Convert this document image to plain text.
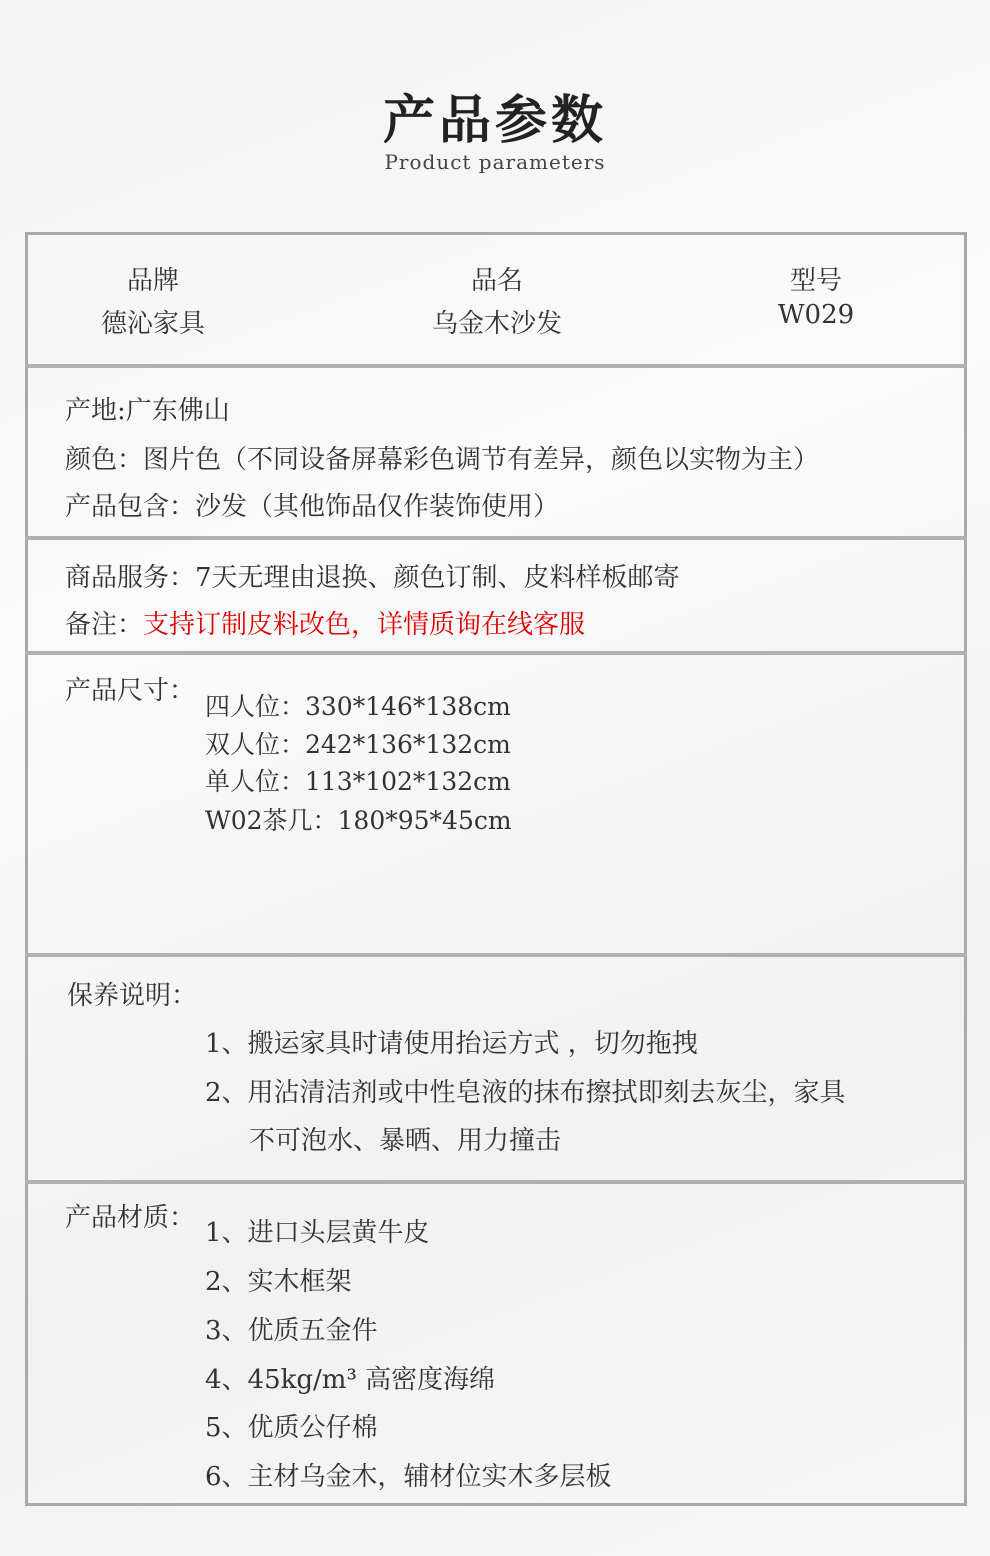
产品参数
Product parameters
品牌
德沁家具
品名
乌金木沙发
型号
W029
产地:广东佛山
颜色：图片色（不同设备屏幕彩色调节有差异，颜色以实物为主）
产品包含：沙发（其他饰品仅作装饰使用）
商品服务：7天无理由退换、颜色订制、皮料样板邮寄
备注：支持订制皮料改色，详情质询在线客服
产品尺寸：
四人位：330*146*138cm
双人位：242*136*132cm
单人位：113*102*132cm
W02茶几：180*95*45cm
保养说明：
1、搬运家具时请使用抬运方式 ，切勿拖拽
2、用沾清洁剂或中性皂液的抹布擦拭即刻去灰尘，家具
不可泡水、暴晒、用力撞击
产品材质： 1、进口头层黄牛皮
2、实木框架
3、优质五金件
4、45kg/m³ 高密度海绵
5、优质公仔棉
6、主材乌金木，辅材位实木多层板
